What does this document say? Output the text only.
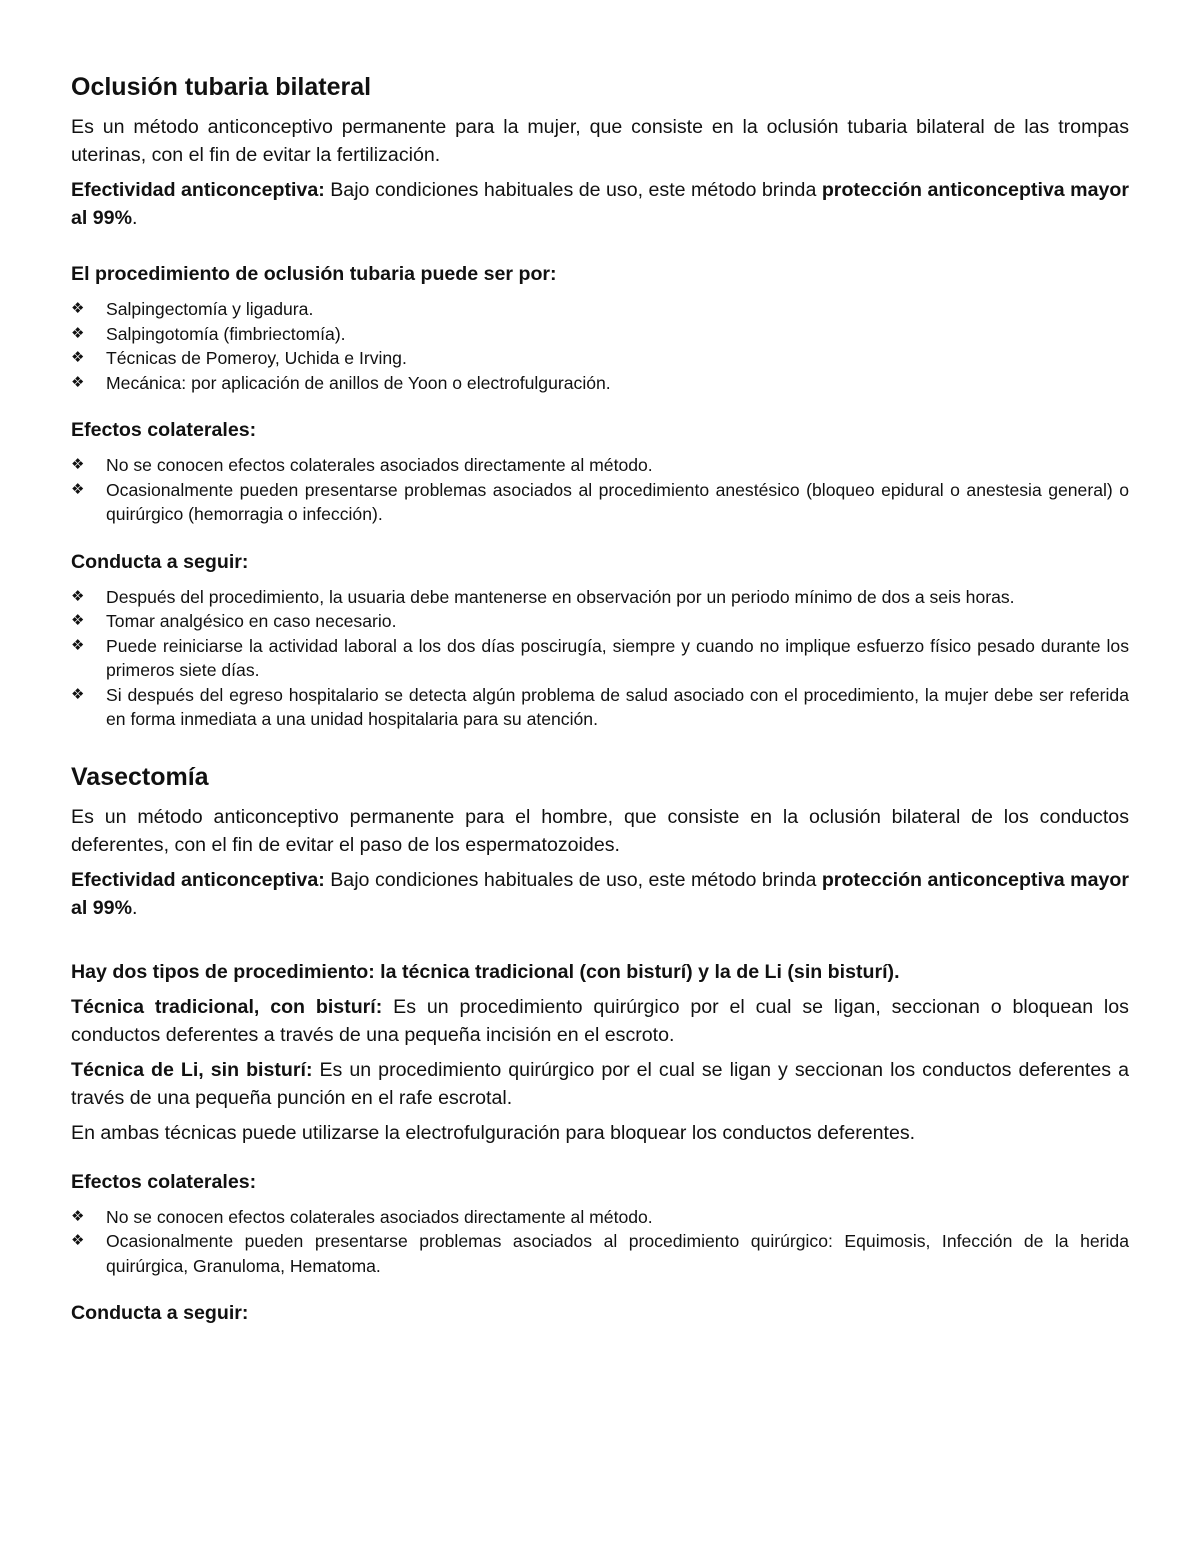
Oclusión tubaria bilateral

Es un método anticonceptivo permanente para la mujer, que consiste en la oclusión tubaria bilateral de las trompas uterinas, con el fin de evitar la fertilización.

Efectividad anticonceptiva: Bajo condiciones habituales de uso, este método brinda protección anticonceptiva mayor al 99%.

El procedimiento de oclusión tubaria puede ser por:
❖ Salpingectomía y ligadura.
❖ Salpingotomía (fimbriectomía).
❖ Técnicas de Pomeroy, Uchida e Irving.
❖ Mecánica: por aplicación de anillos de Yoon o electrofulguración.
Efectos colaterales:
❖ No se conocen efectos colaterales asociados directamente al método.
❖ Ocasionalmente pueden presentarse problemas asociados al procedimiento anestésico (bloqueo epidural o anestesia general) o quirúrgico (hemorragia o infección).
Conducta a seguir:
❖ Después del procedimiento, la usuaria debe mantenerse en observación por un periodo mínimo de dos a seis horas.
❖ Tomar analgésico en caso necesario.
❖ Puede reiniciarse la actividad laboral a los dos días poscirugía, siempre y cuando no implique esfuerzo físico pesado durante los primeros siete días.
❖ Si después del egreso hospitalario se detecta algún problema de salud asociado con el procedimiento, la mujer debe ser referida en forma inmediata a una unidad hospitalaria para su atención.
Vasectomía

Es un método anticonceptivo permanente para el hombre, que consiste en la oclusión bilateral de los conductos deferentes, con el fin de evitar el paso de los espermatozoides.

Efectividad anticonceptiva: Bajo condiciones habituales de uso, este método brinda protección anticonceptiva mayor al 99%.

Hay dos tipos de procedimiento: la técnica tradicional (con bisturí) y la de Li (sin bisturí).

Técnica tradicional, con bisturí: Es un procedimiento quirúrgico por el cual se ligan, seccionan o bloquean los conductos deferentes a través de una pequeña incisión en el escroto.

Técnica de Li, sin bisturí: Es un procedimiento quirúrgico por el cual se ligan y seccionan los conductos deferentes a través de una pequeña punción en el rafe escrotal.

En ambas técnicas puede utilizarse la electrofulguración para bloquear los conductos deferentes.

Efectos colaterales:
❖ No se conocen efectos colaterales asociados directamente al método.
❖ Ocasionalmente pueden presentarse problemas asociados al procedimiento quirúrgico: Equimosis, Infección de la herida quirúrgica, Granuloma, Hematoma.
Conducta a seguir:
